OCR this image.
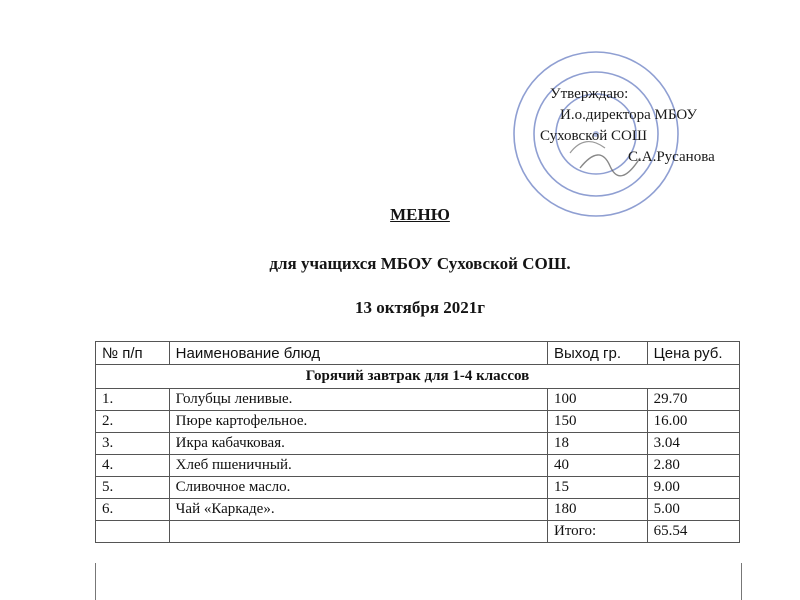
Утверждаю:
И.о.директора МБОУ
Суховской СОШ
С.А.Русанова
МЕНЮ
для учащихся МБОУ Суховской СОШ.
13 октября 2021г
№ п/п	Наименование блюд	Выход гр.	Цена руб.
Горячий завтрак для 1-4 классов			
1.	Голубцы ленивые.	100	29.70
2.	Пюре картофельное.	150	16.00
3.	Икра кабачковая.	18	3.04
4.	Хлеб пшеничный.	40	2.80
5.	Сливочное масло.	15	9.00
6.	Чай «Каркаде».	180	5.00
		Итого:	65.54
